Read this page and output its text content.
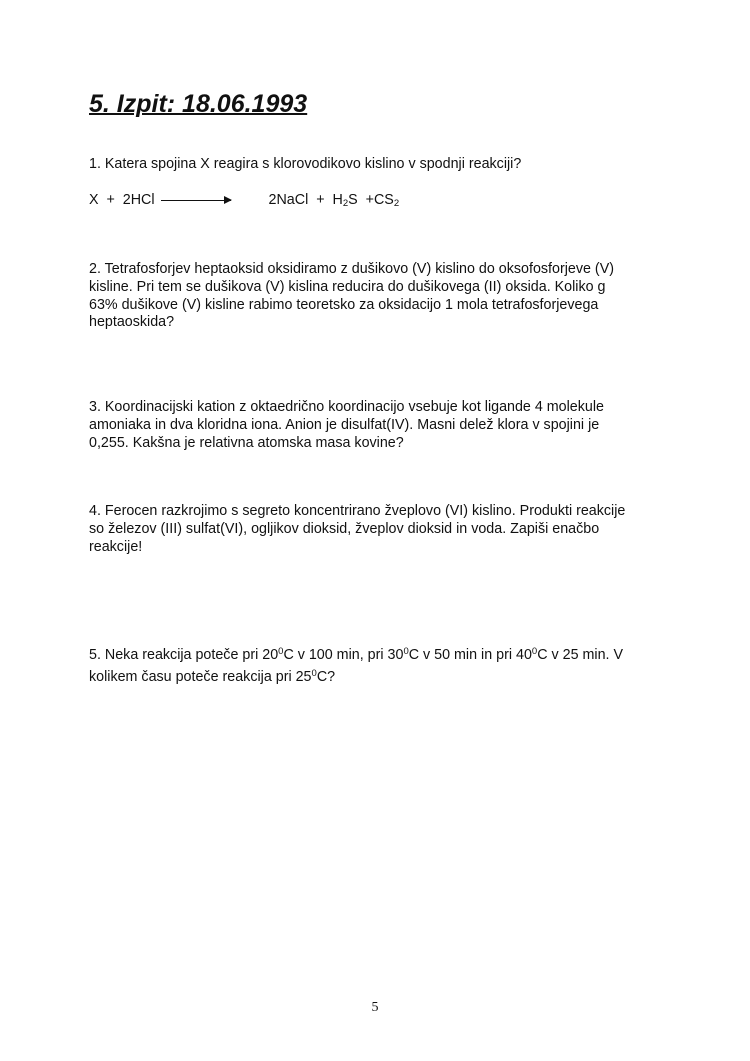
5. Izpit: 18.06.1993
1. Katera spojina X reagira s klorovodikovo kislino v spodnji reakciji?
X  +  2HCl	2NaCl  +  $H_2S +CS_2$
2. Tetrafosforjev heptaoksid oksidiramo z dušikovo (V) kislino do oksofosforjeve (V)
kisline. Pri tem se dušikova (V) kislina reducira do dušikovega (II) oksida. Koliko g
63% dušikove (V) kisline rabimo teoretsko za oksidacijo 1 mola tetrafosforjevega
heptaoskida?
3. Koordinacijski kation z oktaedrično koordinacijo vsebuje kot ligande 4 molekule
amoniaka in dva kloridna iona. Anion je disulfat(IV). Masni delež klora v spojini je
0,255. Kakšna je relativna atomska masa kovine?
4. Ferocen razkrojimo s segreto koncentrirano žveplovo (VI) kislino. Produkti reakcije
so železov (III) sulfat(VI), ogljikov dioksid, žveplov dioksid in voda. Zapiši enačbo
reakcije!
5. Neka reakcija poteče pri $20^0C$ v 100 min, pri $30^0C$ v 50 min in pri $40^0C$ v 25 min. V
kolikem času poteče reakcija pri $25^0C$?
5
